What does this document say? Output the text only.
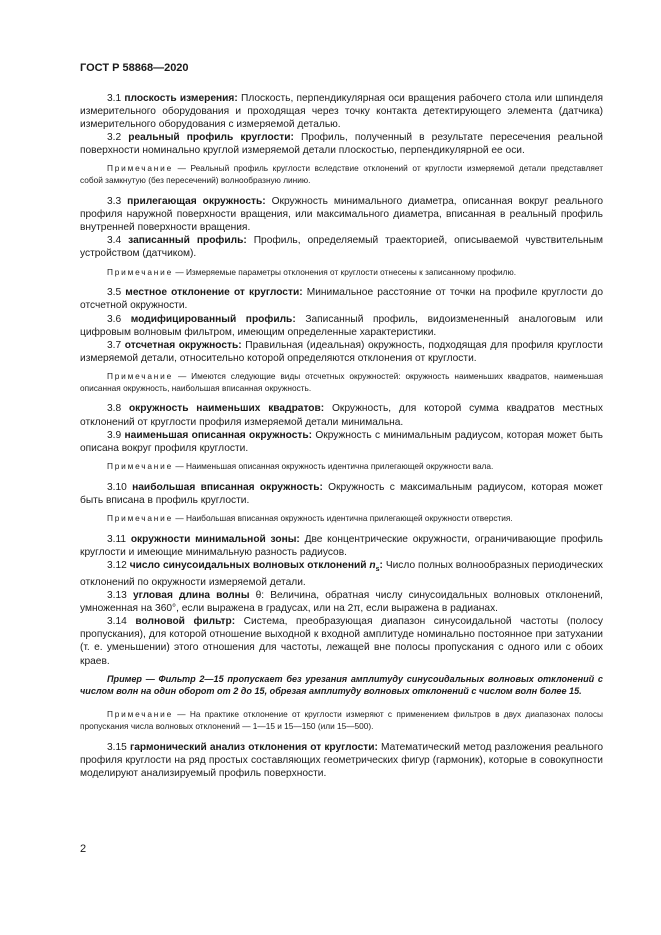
ГОСТ Р 58868—2020

3.1 плоскость измерения: Плоскость, перпендикулярная оси вращения рабочего стола или шпинделя измерительного оборудования и проходящая через точку контакта детектирующего элемента (датчика) измерительного оборудования с измеряемой деталью.

3.2 реальный профиль круглости: Профиль, полученный в результате пересечения реальной поверхности номинально круглой измеряемой детали плоскостью, перпендикулярной ее оси.

Примечание — Реальный профиль круглости вследствие отклонений от круглости измеряемой детали представляет собой замкнутую (без пересечений) волнообразную линию.

3.3 прилегающая окружность: Окружность минимального диаметра, описанная вокруг реального профиля наружной поверхности вращения, или максимального диаметра, вписанная в реальный профиль внутренней поверхности вращения.

3.4 записанный профиль: Профиль, определяемый траекторией, описываемой чувствительным устройством (датчиком).

Примечание — Измеряемые параметры отклонения от круглости отнесены к записанному профилю.

3.5 местное отклонение от круглости: Минимальное расстояние от точки на профиле круглости до отсчетной окружности.

3.6 модифицированный профиль: Записанный профиль, видоизмененный аналоговым или цифровым волновым фильтром, имеющим определенные характеристики.

3.7 отсчетная окружность: Правильная (идеальная) окружность, подходящая для профиля круглости измеряемой детали, относительно которой определяются отклонения от круглости.

Примечание — Имеются следующие виды отсчетных окружностей: окружность наименьших квадратов, наименьшая описанная окружность, наибольшая вписанная окружность.

3.8 окружность наименьших квадратов: Окружность, для которой сумма квадратов местных отклонений от круглости профиля измеряемой детали минимальна.

3.9 наименьшая описанная окружность: Окружность с минимальным радиусом, которая может быть описана вокруг профиля круглости.

Примечание — Наименьшая описанная окружность идентична прилегающей окружности вала.

3.10 наибольшая вписанная окружность: Окружность с максимальным радиусом, которая может быть вписана в профиль круглости.

Примечание — Наибольшая вписанная окружность идентична прилегающей окружности отверстия.

3.11 окружности минимальной зоны: Две концентрические окружности, ограничивающие профиль круглости и имеющие минимальную разность радиусов.

3.12 число синусоидальных волновых отклонений $n_s$: Число полных волнообразных периодических отклонений по окружности измеряемой детали.

3.13 угловая длина волны θ: Величина, обратная числу синусоидальных волновых отклонений, умноженная на 360°, если выражена в градусах, или на 2π, если выражена в радианах.

3.14 волновой фильтр: Система, преобразующая диапазон синусоидальной частоты (полосу пропускания), для которой отношение выходной к входной амплитуде номинально постоянное при затухании (т. е. уменьшении) этого отношения для частоты, лежащей вне полосы пропускания с одного или с обоих краев.

Пример — Фильтр 2—15 пропускает без урезания амплитуду синусоидальных волновых отклонений с числом волн на один оборот от 2 до 15, обрезая амплитуду волновых отклонений с числом волн более 15.

Примечание — На практике отклонение от круглости измеряют с применением фильтров в двух диапазонах полосы пропускания числа волновых отклонений — 1—15 и 15—150 (или 15—500).

3.15 гармонический анализ отклонения от круглости: Математический метод разложения реального профиля круглости на ряд простых составляющих геометрических фигур (гармоник), которые в совокупности моделируют анализируемый профиль поверхности.

2
